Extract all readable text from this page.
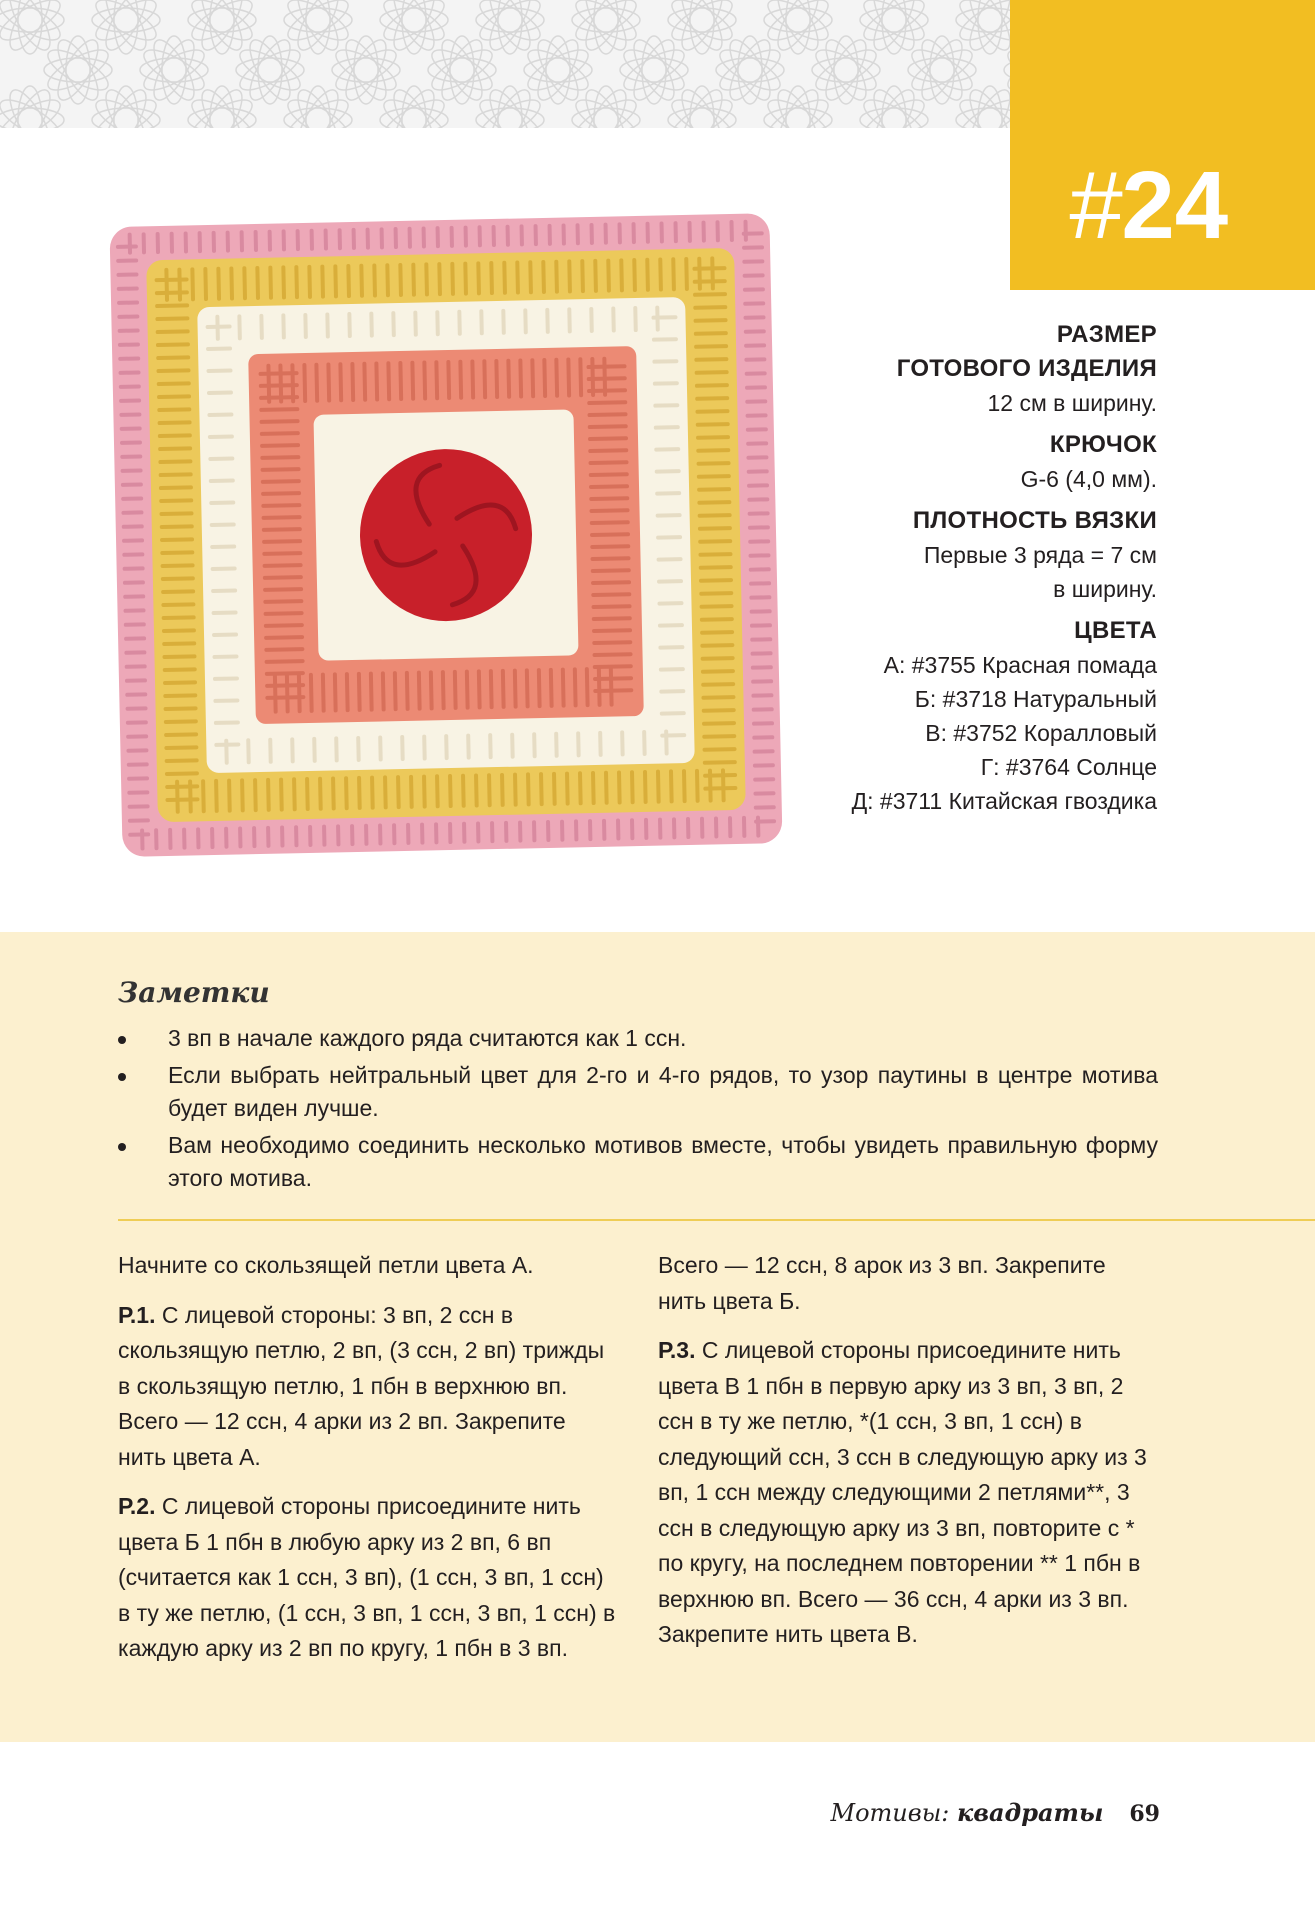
#24
РАЗМЕР
ГОТОВОГО ИЗДЕЛИЯ
12 см в ширину.
КРЮЧОК
G-6 (4,0 мм).
ПЛОТНОСТЬ ВЯЗКИ
Первые 3 ряда = 7 см
в ширину.
ЦВЕТА
А: #3755 Красная помада
Б: #3718 Натуральный
В: #3752 Коралловый
Г: #3764 Солнце
Д: #3711 Китайская гвоздика
Заметки
3 вп в начале каждого ряда считаются как 1 ссн.
Если выбрать нейтральный цвет для 2-го и 4-го рядов, то узор паутины в центре мотива будет виден лучше.
Вам необходимо соединить несколько мотивов вместе, чтобы увидеть правильную форму этого мотива.

Начните со скользящей петли цвета А.

Р.1. С лицевой стороны: 3 вп, 2 ссн в скользящую петлю, 2 вп, (3 ссн, 2 вп) трижды в скользящую петлю, 1 пбн в верхнюю вп. Всего — 12 ссн, 4 арки из 2 вп. Закрепите нить цвета А.

Р.2. С лицевой стороны присоедините нить цвета Б 1 пбн в любую арку из 2 вп, 6 вп (считается как 1 ссн, 3 вп), (1 ссн, 3 вп, 1 ссн) в ту же петлю, (1 ссн, 3 вп, 1 ссн, 3 вп, 1 ссн) в каждую арку из 2 вп по кругу, 1 пбн в 3 вп.

Всего — 12 ссн, 8 арок из 3 вп. Закрепите нить цвета Б.

Р.3. С лицевой стороны присоедините нить цвета В 1 пбн в первую арку из 3 вп, 3 вп, 2 ссн в ту же петлю, *(1 ссн, 3 вп, 1 ссн) в следующий ссн, 3 ссн в следующую арку из 3 вп, 1 ссн между следующими 2 петлями**, 3 ссн в следующую арку из 3 вп, повторите с * по кругу, на последнем повторении ** 1 пбн в верхнюю вп. Всего — 36 ссн, 4 арки из 3 вп. Закрепите нить цвета В.

Мотивы: квадраты 69
